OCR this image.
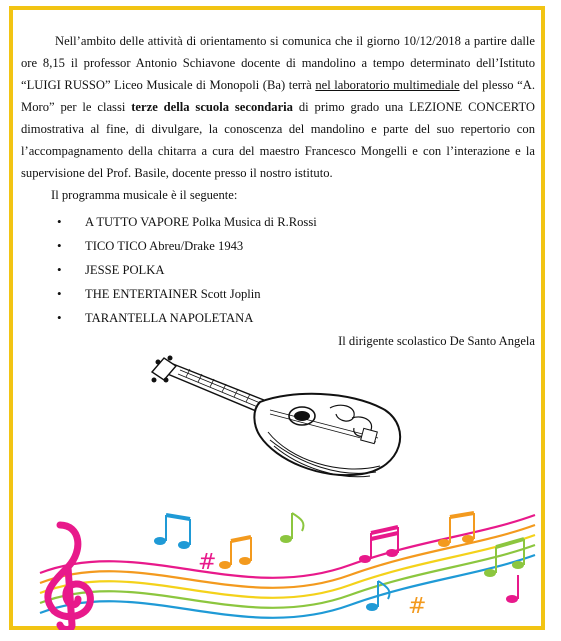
Nell’ambito delle attività di orientamento si comunica che il giorno 10/12/2018 a partire dalle ore 8,15 il professor Antonio Schiavone docente di mandolino a tempo determinato dell’Istituto “LUIGI RUSSO” Liceo Musicale di Monopoli (Ba) terrà nel laboratorio multimediale del plesso “A. Moro” per le classi terze della scuola secondaria di primo grado una LEZIONE CONCERTO dimostrativa al fine, di divulgare, la conoscenza del mandolino e parte del suo repertorio con l’accompagnamento della chitarra a cura del maestro Francesco Mongelli e con l’interazione e la supervisione del Prof. Basile, docente presso il nostro istituto.

Il programma musicale è il seguente:

• A TUTTO VAPORE Polka Musica di R.Rossi
• TICO TICO Abreu/Drake 1943
• JESSE POLKA
• THE ENTERTAINER Scott Joplin
• TARANTELLA NAPOLETANA

Il dirigente scolastico De Santo Angela

#
#
